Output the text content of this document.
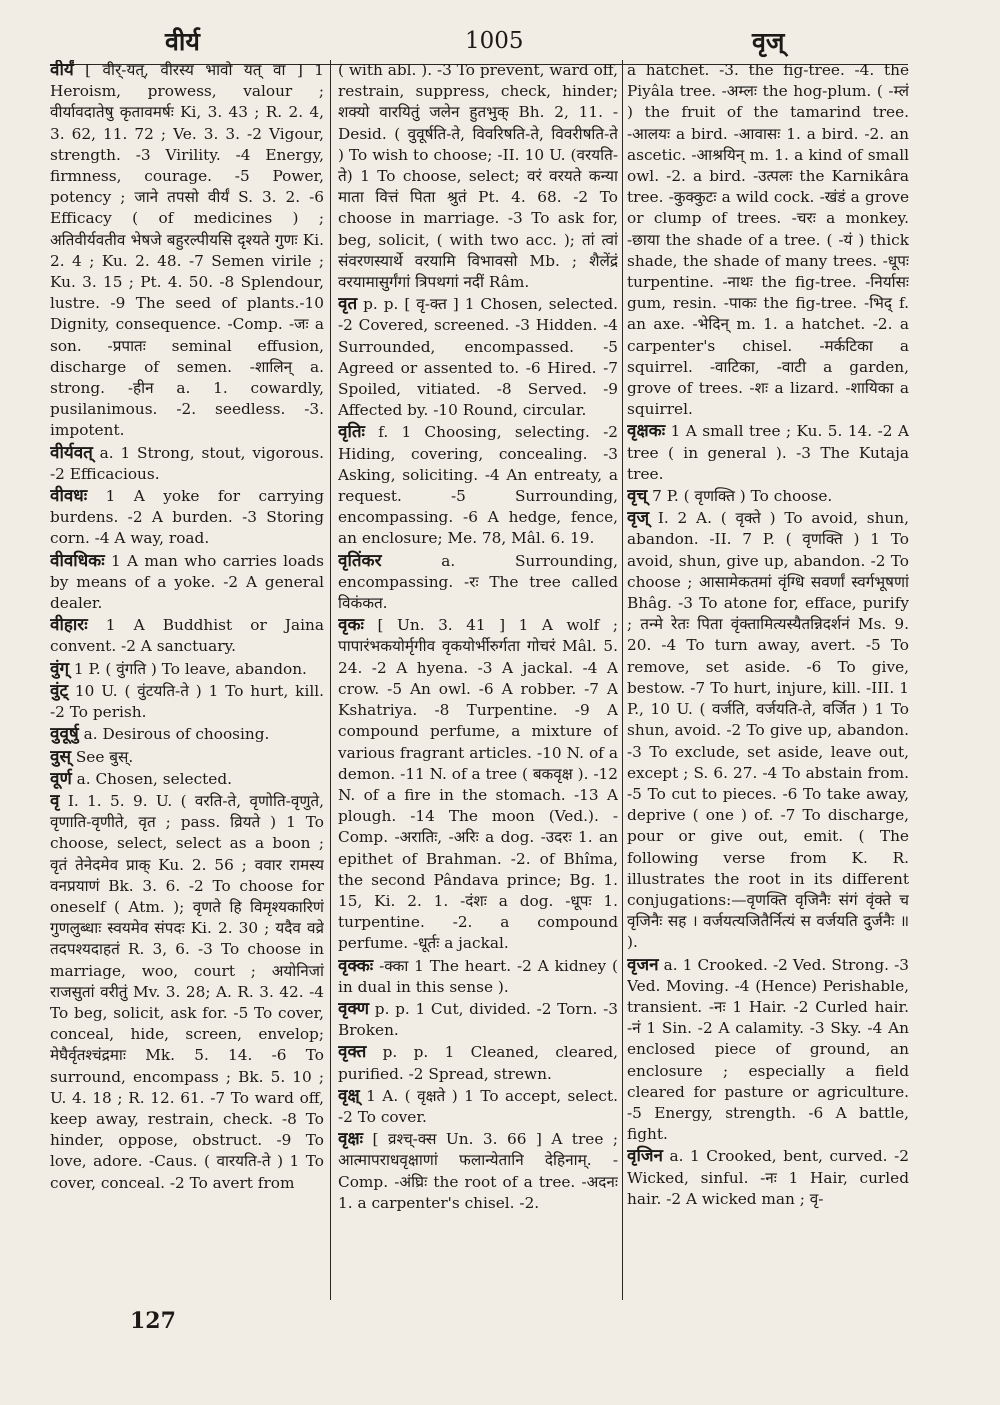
वीर्य	1005	वृज्

वीर्यं [ वीर्-यत्, वीरस्य भावो यत् वा ] 1 Heroism, prowess, valour ; वीर्यावदातेषु कृतावमर्षः Ki, 3. 43 ; R. 2. 4, 3. 62, 11. 72 ; Ve. 3. 3. -2 Vigour, strength. -3 Virility. -4 Energy, firmness, courage. -5 Power, potency ; जाने तपसो वीर्यं S. 3. 2. -6 Efficacy ( of medicines ) ; अतिवीर्यवतीव भेषजे बहुरल्पीयसि दृश्यते गुणः Ki. 2. 4 ; Ku. 2. 48. -7 Semen virile ; Ku. 3. 15 ; Pt. 4. 50. -8 Splendour, lustre. -9 The seed of plants.-10 Dignity, consequence. -Comp. -जः a son. -प्रपातः seminal effusion, discharge of semen. -शालिन् a. strong. -हीन a. 1. cowardly, pusilanimous. -2. seedless. -3. impotent.

वीर्यवत् a. 1 Strong, stout, vigorous. -2 Efficacious.

वीवधः 1 A yoke for carrying burdens. -2 A burden. -3 Storing corn. -4 A way, road.

वीवधिकः 1 A man who carries loads by means of a yoke. -2 A general dealer.

वीहारः 1 A Buddhist or Jaina convent. -2 A sanctuary.

वुंग् 1 P. ( वुंगति ) To leave, abandon.

वुंट् 10 U. ( वुंटयति-ते ) 1 To hurt, kill. -2 To perish.

वुवूर्षु a. Desirous of choosing.

वुस् See बुस्.

वूर्ण a. Chosen, selected.

वृ I. 1. 5. 9. U. ( वरति-ते, वृणोति-वृणुते, वृणाति-वृणीते, वृत ; pass. व्रियते ) 1 To choose, select, select as a boon ; वृतं तेनेदमेव प्राक् Ku. 2. 56 ; ववार रामस्य वनप्रयाणं Bk. 3. 6. -2 To choose for oneself ( Atm. ); वृणते हि विमृश्यकारिणं गुणलुब्धाः स्वयमेव संपदः Ki. 2. 30 ; यदैव वव्रे तदपश्यदाहतं R. 3, 6. -3 To choose in marriage, woo, court ; अयोनिजां राजसुतां वरीतुं Mv. 3. 28; A. R. 3. 42. -4 To beg, solicit, ask for. -5 To cover, conceal, hide, screen, envelop; मेघैर्वृतश्चंद्रमाः Mk. 5. 14. -6 To surround, encompass ; Bk. 5. 10 ; U. 4. 18 ; R. 12. 61. -7 To ward off, keep away, restrain, check. -8 To hinder, oppose, obstruct. -9 To love, adore. -Caus. ( वारयति-ते ) 1 To cover, conceal. -2 To avert from

( with abl. ). -3 To prevent, ward off, restrain, suppress, check, hinder; शक्यो वारयितुं जलेन हुतभुक् Bh. 2, 11. -Desid. ( वुवूर्षति-ते, विवरिषति-ते, विवरीषति-ते ) To wish to choose; -II. 10 U. (वरयति-ते) 1 To choose, select; वरं वरयते कन्या माता वित्तं पिता श्रुतं Pt. 4. 68. -2 To choose in marriage. -3 To ask for, beg, solicit, ( with two acc. ); तां त्वां संवरणस्यार्थे वरयामि विभावसो Mb. ; शैलेंद्रं वरयामासुर्गंगां त्रिपथगां नदीं Râm.

वृत p. p. [ वृ-क्त ] 1 Chosen, selected. -2 Covered, screened. -3 Hidden. -4 Surrounded, encompassed. -5 Agreed or assented to. -6 Hired. -7 Spoiled, vitiated. -8 Served. -9 Affected by. -10 Round, circular.

वृतिः f. 1 Choosing, selecting. -2 Hiding, covering, concealing. -3 Asking, soliciting. -4 An entreaty, a request. -5 Surrounding, encompassing. -6 A hedge, fence, an enclosure; Me. 78, Mâl. 6. 19.

वृतिंकर	a. Surrounding, encompassing. -रः The tree called विकंकत.

वृकः [ Un. 3. 41 ] 1 A wolf ; पापारंभकयोर्मृगीव वृकयोर्भीरुर्गता गोचरं Mâl. 5. 24. -2 A hyena. -3 A jackal. -4 A crow. -5 An owl. -6 A robber. -7 A Kshatriya. -8 Turpentine. -9 A compound perfume, a mixture of various fragrant articles. -10 N. of a demon. -11 N. of a tree ( बकवृक्ष ). -12 N. of a fire in the stomach. -13 A plough. -14 The moon (Ved.). -Comp. -अरातिः, -अरिः a dog. -उदरः 1. an epithet of Brahman. -2. of Bhîma, the second Pândava prince; Bg. 1. 15, Ki. 2. 1. -दंशः a dog. -धूपः 1. turpentine. -2. a compound perfume. -धूर्तः a jackal.

वृक्कः -क्का 1 The heart. -2 A kidney ( in dual in this sense ).

वृक्ण p. p. 1 Cut, divided. -2 Torn. -3 Broken.

वृक्त p. p. 1 Cleaned, cleared, purified. -2 Spread, strewn.

वृक्ष् 1 A. ( वृक्षते ) 1 To accept, select. -2 To cover.

वृक्षः [ व्रश्च्-क्स Un. 3. 66 ] A tree ; आत्मापराधवृक्षाणां फलान्येतानि देहिनाम्. -Comp. -अंघ्रिः the root of a tree. -अदनः 1. a carpenter's chisel. -2.

a hatchet. -3. the fig-tree. -4. the Piyâla tree. -अम्लः the hog-plum. ( -म्लं ) the fruit of the tamarind tree. -आलयः a bird. -आवासः 1. a bird. -2. an ascetic. -आश्रयिन् m. 1. a kind of small owl. -2. a bird. -उत्पलः the Karnikâra tree. -कुक्कुटः a wild cock. -खंडं a grove or clump of trees. -चरः a monkey. -छाया the shade of a tree. ( -यं ) thick shade, the shade of many trees. -धूपः turpentine. -नाथः the fig-tree. -निर्यासः gum, resin. -पाकः the fig-tree. -भिद् f. an axe. -भेदिन् m. 1. a hatchet. -2. a carpenter's chisel. -मर्कटिका a squirrel. -वाटिका, -वाटी a garden, grove of trees. -शः a lizard. -शायिका a squirrel.

वृक्षकः 1 A small tree ; Ku. 5. 14. -2 A tree ( in general ). -3 The Kutaja tree.

वृच् 7 P. ( वृणक्ति ) To choose.

वृज् I. 2 A. ( वृक्ते ) To avoid, shun, abandon. -II. 7 P. ( वृणक्ति ) 1 To avoid, shun, give up, abandon. -2 To choose ; आसामेकतमां वृंग्धि सवर्णां स्वर्गभूषणां Bhâg. -3 To atone for, efface, purify ; तन्मे रेतः पिता वृंक्तामित्यस्यैतन्निदर्शनं Ms. 9. 20. -4 To turn away, avert. -5 To remove, set aside. -6 To give, bestow. -7 To hurt, injure, kill. -III. 1 P., 10 U. ( वर्जति, वर्जयति-ते, वर्जित ) 1 To shun, avoid. -2 To give up, abandon. -3 To exclude, set aside, leave out, except ; S. 6. 27. -4 To abstain from. -5 To cut to pieces. -6 To take away, deprive ( one ) of. -7 To discharge, pour or give out, emit. ( The following verse from K. R. illustrates the root in its different conjugations:—वृणक्ति वृजिनैः संगं वृंक्ते च वृजिनैः सह । वर्जयत्यजितैर्नित्यं स वर्जयति दुर्जनैः ॥ ).

वृजन a. 1 Crooked. -2 Ved. Strong. -3 Ved. Moving. -4 (Hence) Perishable, transient. -नः 1 Hair. -2 Curled hair. -नं 1 Sin. -2 A calamity. -3 Sky. -4 An enclosed piece of ground, an enclosure ; especially a field cleared for pasture or agriculture. -5 Energy, strength. -6 A battle, fight.

वृजिन a. 1 Crooked, bent, curved. -2 Wicked, sinful. -नः 1 Hair, curled hair. -2 A wicked man ; वृ-

127
